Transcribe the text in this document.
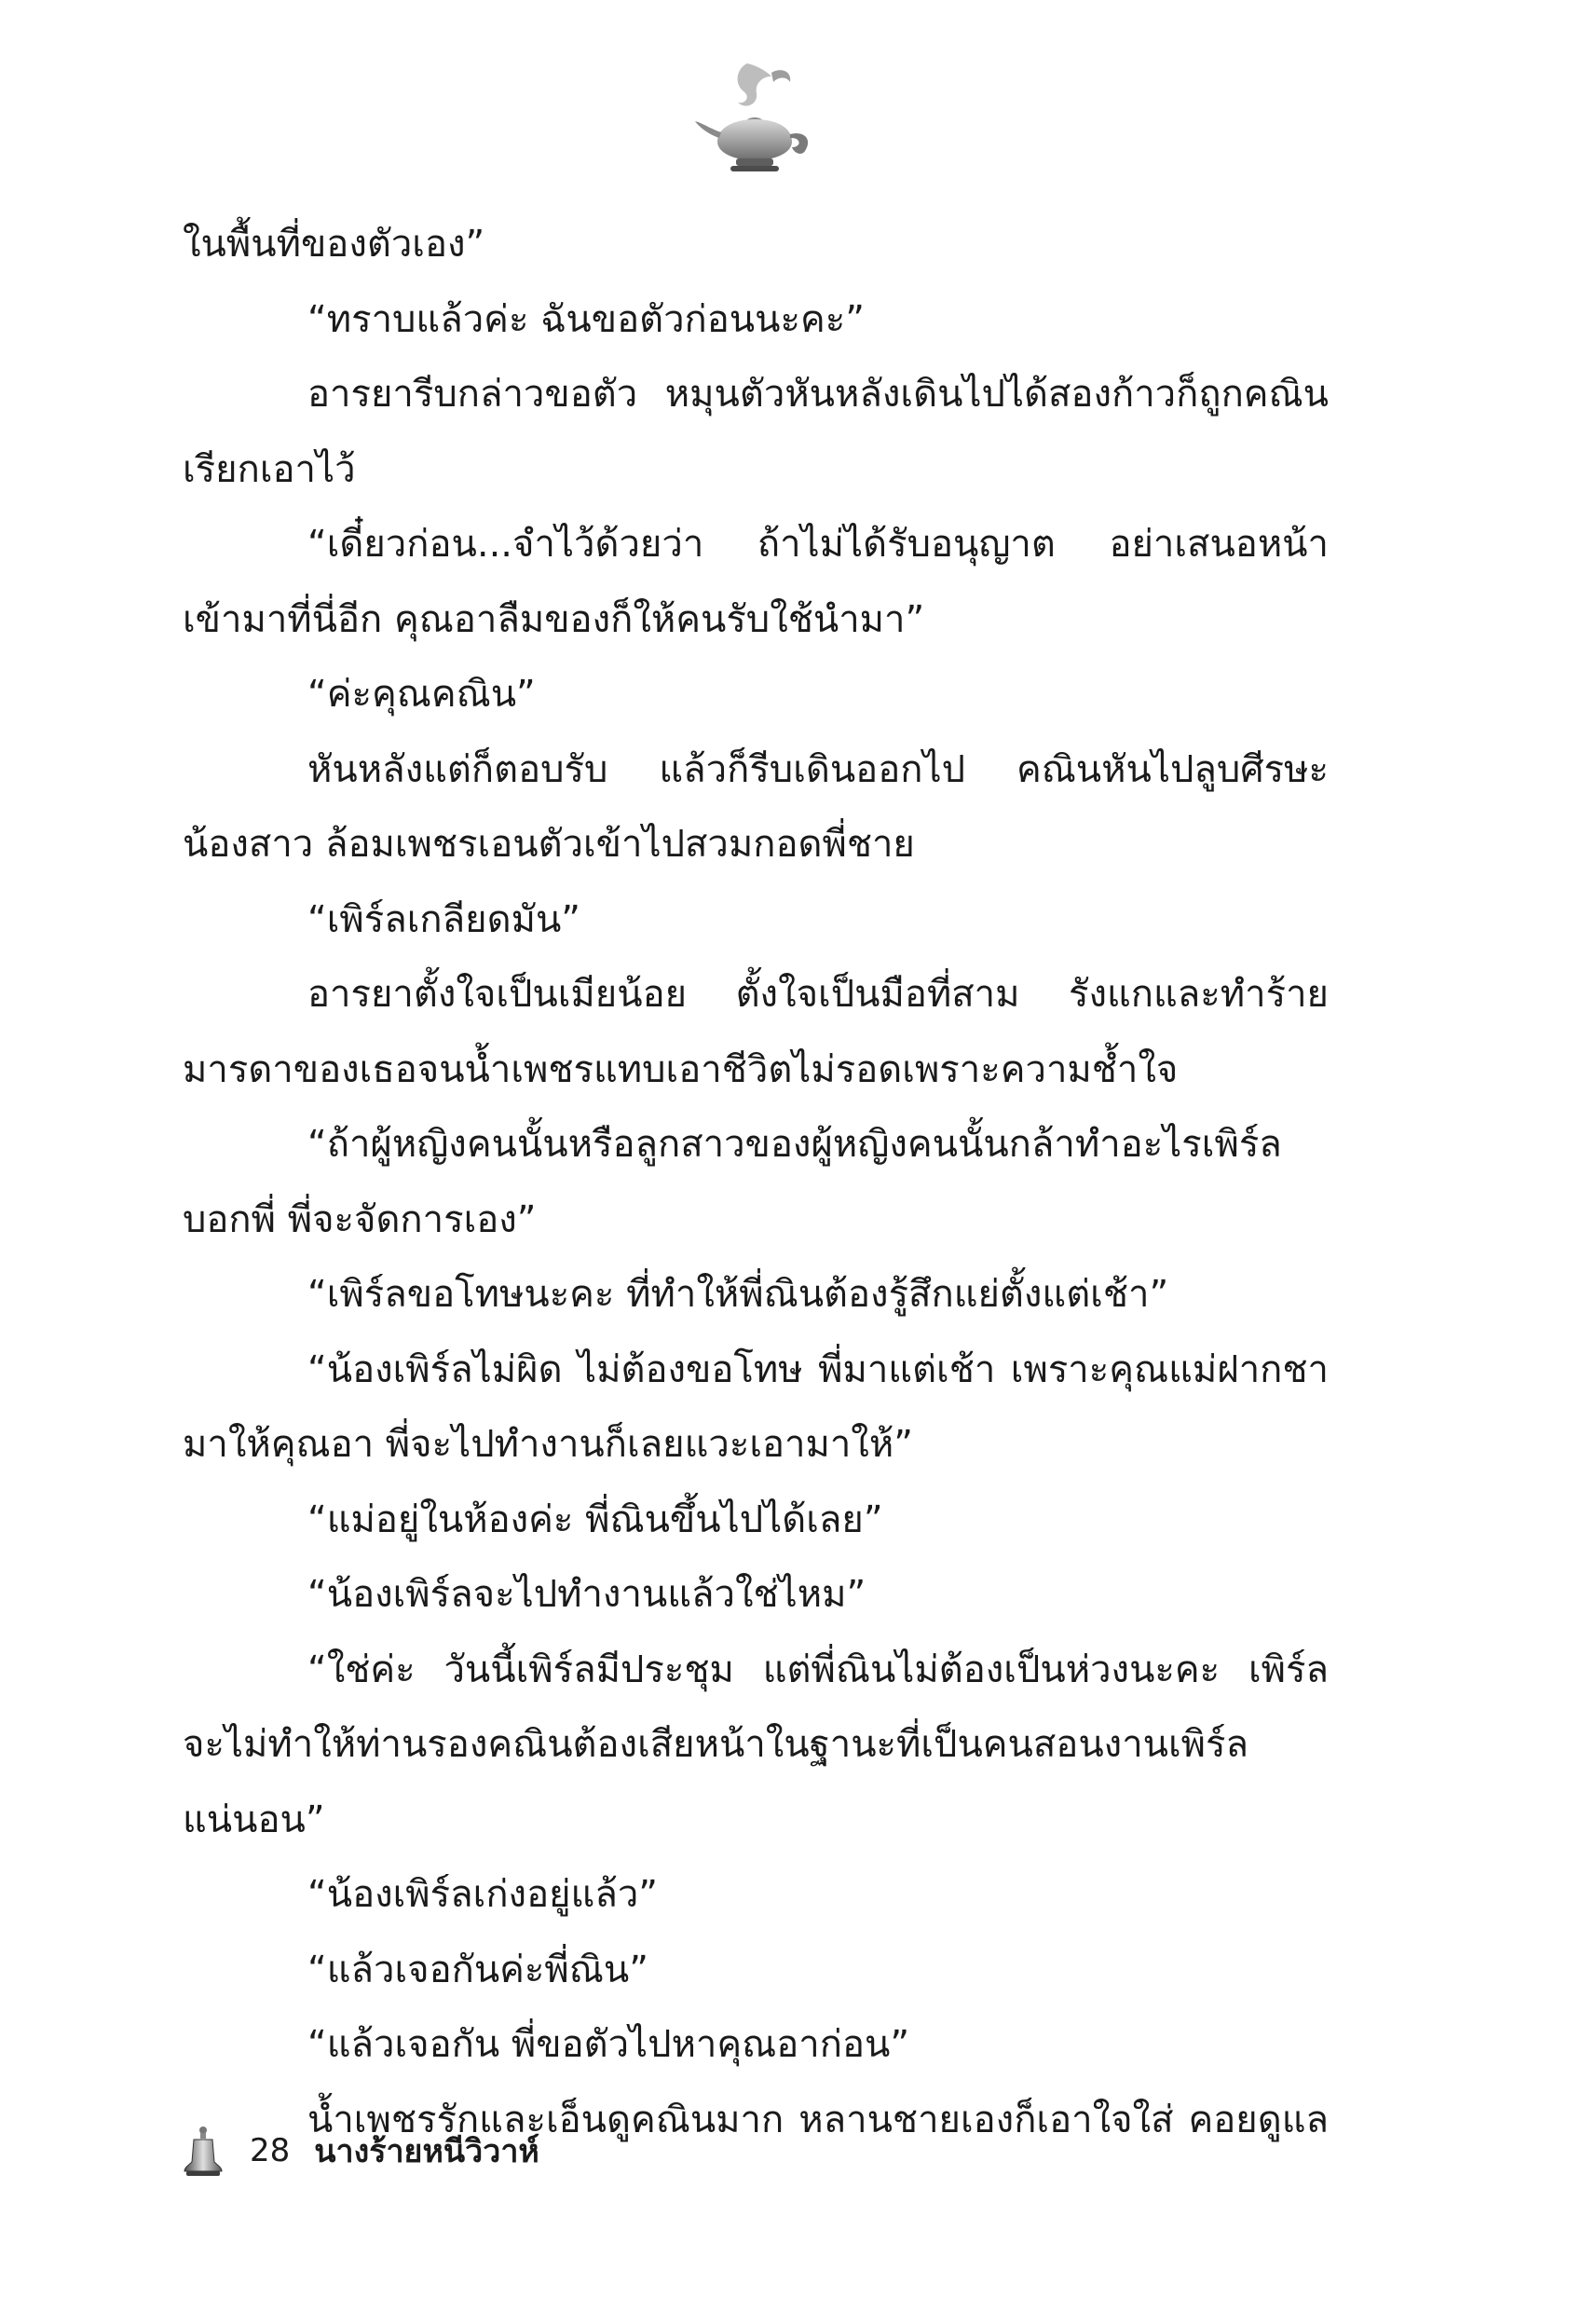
ในพื้นที่ของตัวเอง”
“ทราบแล้วค่ะ ฉันขอตัวก่อนนะคะ”
อารยารีบกล่าวขอตัว หมุนตัวหันหลังเดินไปได้สองก้าวก็ถูกคณิน
เรียกเอาไว้
“เดี๋ยวก่อน...จำไว้ด้วยว่า ถ้าไม่ได้รับอนุญาต อย่าเสนอหน้า
เข้ามาที่นี่อีก คุณอาลืมของก็ให้คนรับใช้นำมา”
“ค่ะคุณคณิน”
หันหลังแต่ก็ตอบรับ แล้วก็รีบเดินออกไป คณินหันไปลูบศีรษะ
น้องสาว ล้อมเพชรเอนตัวเข้าไปสวมกอดพี่ชาย
“เพิร์ลเกลียดมัน”
อารยาตั้งใจเป็นเมียน้อย ตั้งใจเป็นมือที่สาม รังแกและทำร้าย
มารดาของเธอจนน้ำเพชรแทบเอาชีวิตไม่รอดเพราะความช้ำใจ
“ถ้าผู้หญิงคนนั้นหรือลูกสาวของผู้หญิงคนนั้นกล้าทำอะไรเพิร์ล
บอกพี่ พี่จะจัดการเอง”
“เพิร์ลขอโทษนะคะ ที่ทำให้พี่ณินต้องรู้สึกแย่ตั้งแต่เช้า”
“น้องเพิร์ลไม่ผิด ไม่ต้องขอโทษ พี่มาแต่เช้า เพราะคุณแม่ฝากชา
มาให้คุณอา พี่จะไปทำงานก็เลยแวะเอามาให้”
“แม่อยู่ในห้องค่ะ พี่ณินขึ้นไปได้เลย”
“น้องเพิร์ลจะไปทำงานแล้วใช่ไหม”
“ใช่ค่ะ วันนี้เพิร์ลมีประชุม แต่พี่ณินไม่ต้องเป็นห่วงนะคะ เพิร์ล
จะไม่ทำให้ท่านรองคณินต้องเสียหน้าในฐานะที่เป็นคนสอนงานเพิร์ล
แน่นอน”
“น้องเพิร์ลเก่งอยู่แล้ว”
“แล้วเจอกันค่ะพี่ณิน”
“แล้วเจอกัน พี่ขอตัวไปหาคุณอาก่อน”
น้ำเพชรรักและเอ็นดูคณินมาก หลานชายเองก็เอาใจใส่ คอยดูแล
28 นางร้ายหนีวิวาห์
